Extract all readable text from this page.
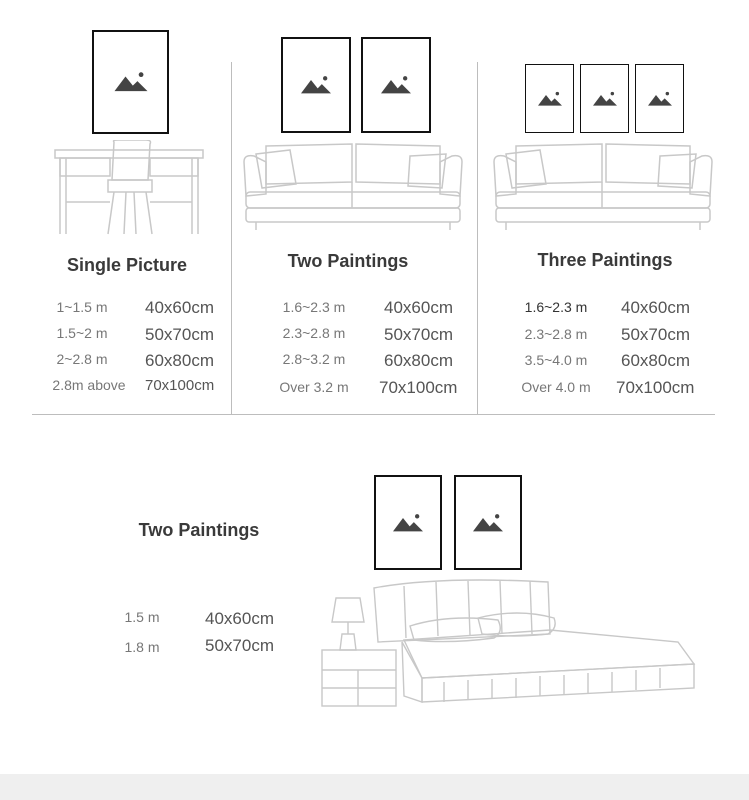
Single Picture
1~1.5 m	40x60cm
1.5~2 m	50x70cm
2~2.8 m	60x80cm
2.8m above	70x100cm
Two Paintings
1.6~2.3 m	40x60cm
2.3~2.8 m	50x70cm
2.8~3.2 m	60x80cm
Over 3.2 m	70x100cm
Three Paintings
1.6~2.3 m	40x60cm
2.3~2.8 m	50x70cm
3.5~4.0 m	60x80cm
Over 4.0 m	70x100cm
Two Paintings
1.5 m	40x60cm
1.8 m	50x70cm
